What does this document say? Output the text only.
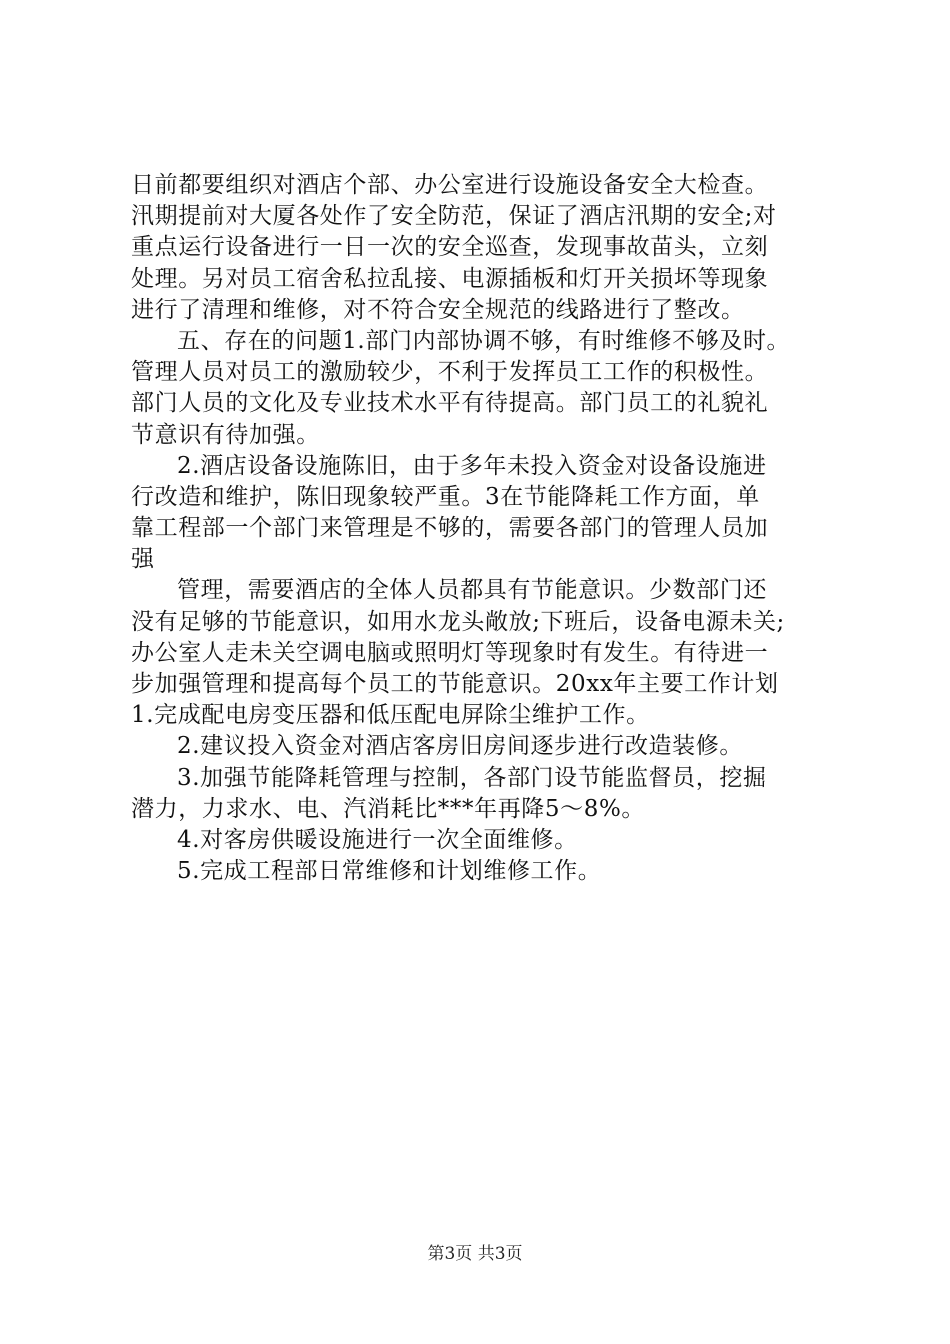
日前都要组织对酒店个部、办公室进行设施设备安全大检查。
汛期提前对大厦各处作了安全防范，保证了酒店汛期的安全;对
重点运行设备进行一日一次的安全巡查，发现事故苗头，立刻
处理。另对员工宿舍私拉乱接、电源插板和灯开关损坏等现象
进行了清理和维修，对不符合安全规范的线路进行了整改。
五、存在的问题1.部门内部协调不够，有时维修不够及时。
管理人员对员工的激励较少，不利于发挥员工工作的积极性。
部门人员的文化及专业技术水平有待提高。部门员工的礼貌礼
节意识有待加强。
2.酒店设备设施陈旧，由于多年未投入资金对设备设施进
行改造和维护，陈旧现象较严重。3在节能降耗工作方面，单
靠工程部一个部门来管理是不够的，需要各部门的管理人员加
强
管理，需要酒店的全体人员都具有节能意识。少数部门还
没有足够的节能意识，如用水龙头敞放;下班后，设备电源未关;
办公室人走未关空调电脑或照明灯等现象时有发生。有待进一
步加强管理和提高每个员工的节能意识。20xx年主要工作计划
1.完成配电房变压器和低压配电屏除尘维护工作。
2.建议投入资金对酒店客房旧房间逐步进行改造装修。
3.加强节能降耗管理与控制，各部门设节能监督员，挖掘
潜力，力求水、电、汽消耗比***年再降5～8%。
4.对客房供暖设施进行一次全面维修。
5.完成工程部日常维修和计划维修工作。
第3页 共3页
